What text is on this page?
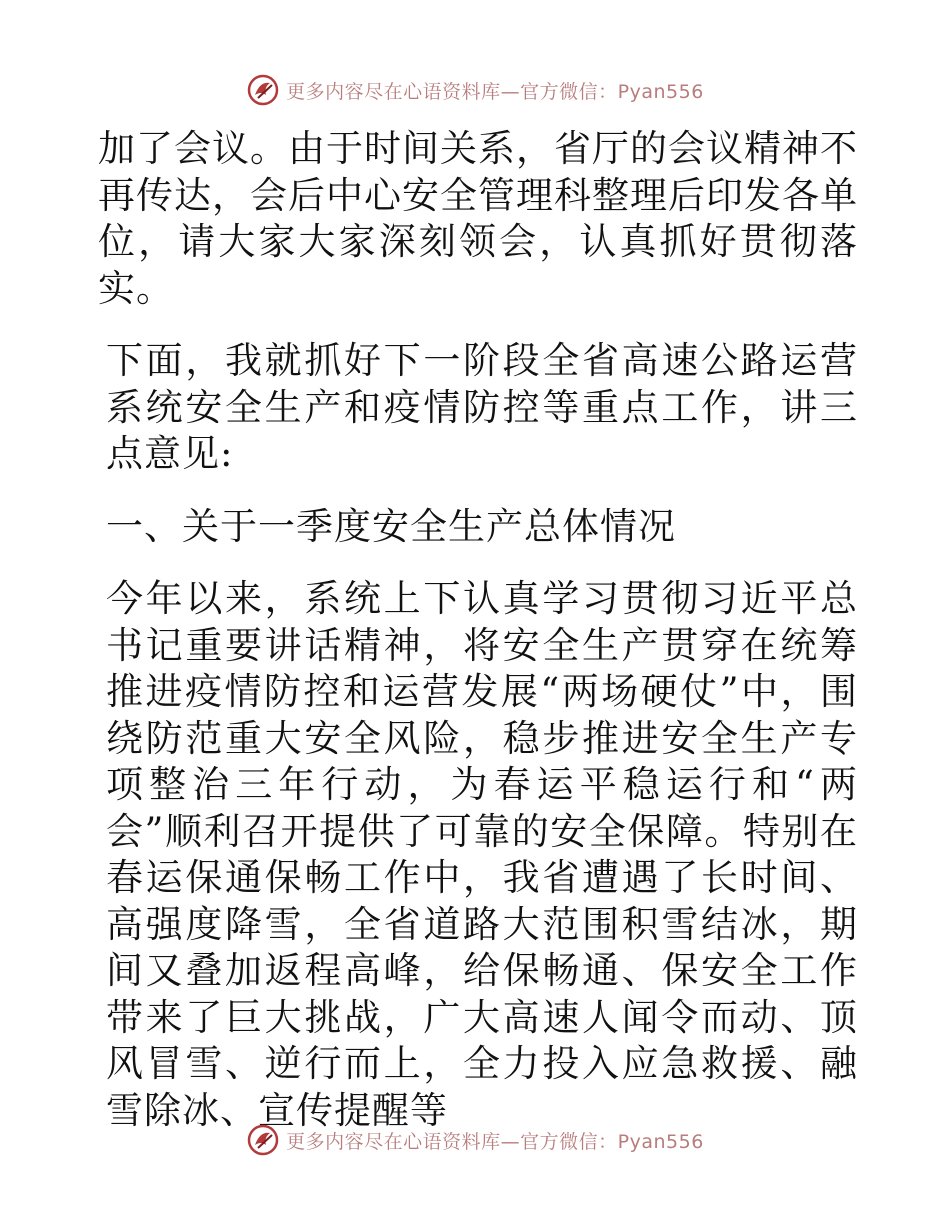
更多内容尽在心语资料库—官方微信：Pyan556

加了会议。由于时间关系，省厅的会议精神不再传达，会后中心安全管理科整理后印发各单位，请大家大家深刻领会，认真抓好贯彻落实。

下面，我就抓好下一阶段全省高速公路运营系统安全生产和疫情防控等重点工作，讲三点意见:

一、关于一季度安全生产总体情况

今年以来，系统上下认真学习贯彻习近平总书记重要讲话精神，将安全生产贯穿在统筹推进疫情防控和运营发展“两场硬仗”中，围绕防范重大安全风险，稳步推进安全生产专项整治三年行动，为春运平稳运行和“两会”顺利召开提供了可靠的安全保障。特别在春运保通保畅工作中，我省遭遇了长时间、高强度降雪，全省道路大范围积雪结冰，期间又叠加返程高峰，给保畅通、保安全工作带来了巨大挑战，广大高速人闻令而动、顶风冒雪、逆行而上，全力投入应急救援、融雪除冰、宣传提醒等

更多内容尽在心语资料库—官方微信：Pyan556
